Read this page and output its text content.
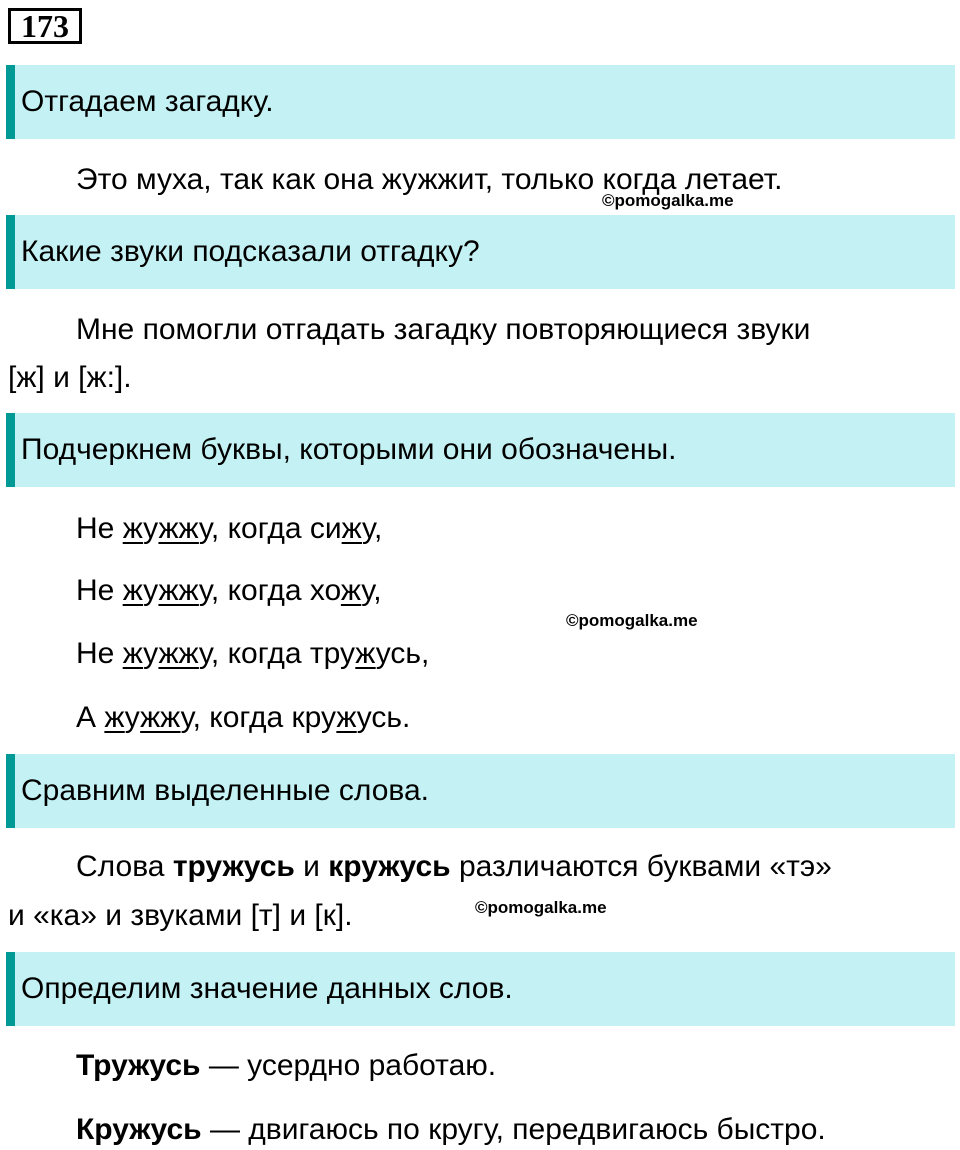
173
Отгадаем загадку.
Это муха, так как она жужжит, только когда летает.
©pomogalka.me
Какие звуки подсказали отгадку?
Мне помогли отгадать загадку повторяющиеся звуки
[ж] и [ж:].
Подчеркнем буквы, которыми они обозначены.
Не жужжу, когда сижу,
Не жужжу, когда хожу,
©pomogalka.me
Не жужжу, когда тружусь,
А жужжу, когда кружусь.
Сравним выделенные слова.
Слова тружусь и кружусь различаются буквами «тэ»
и «ка» и звуками [т] и [к].	©pomogalka.me
Определим значение данных слов.
Тружусь — усердно работаю.
Кружусь — двигаюсь по кругу, передвигаюсь быстро.
